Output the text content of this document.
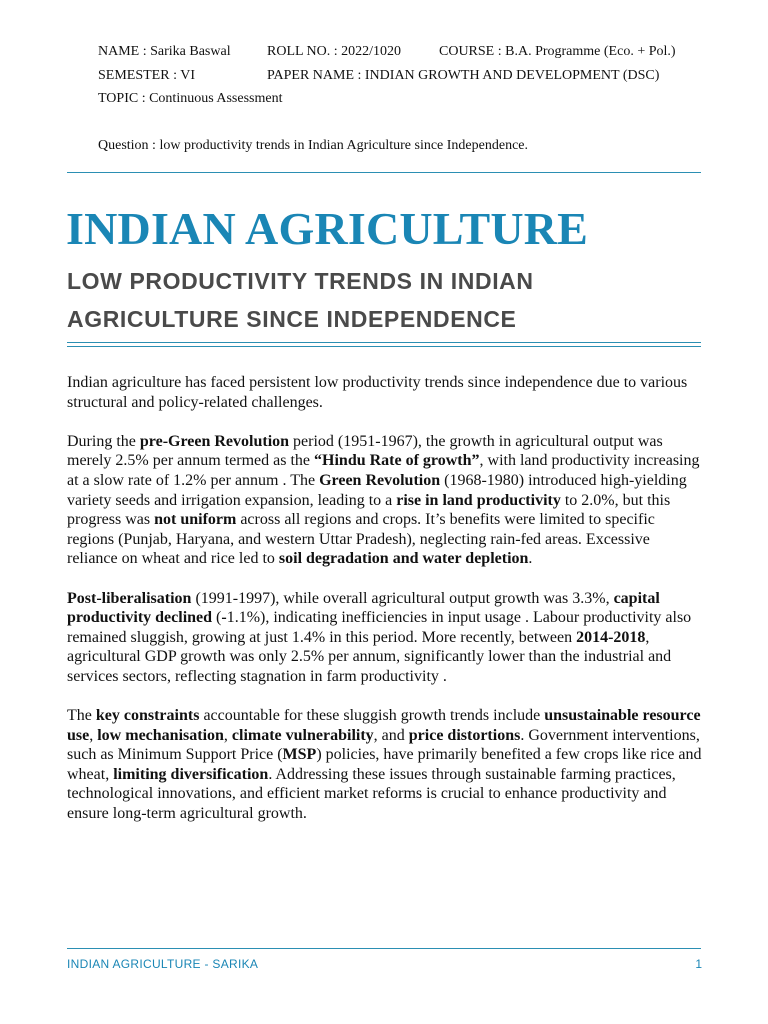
NAME : Sarika Baswal	ROLL NO. : 2022/1020	COURSE : B.A. Programme (Eco. + Pol.)
SEMESTER : VI	PAPER NAME : INDIAN GROWTH AND DEVELOPMENT (DSC)
TOPIC : Continuous Assessment
Question : low productivity trends in Indian Agriculture since Independence.
INDIAN AGRICULTURE
LOW PRODUCTIVITY TRENDS IN INDIAN AGRICULTURE SINCE INDEPENDENCE

Indian agriculture has faced persistent low productivity trends since independence due to various structural and policy-related challenges.

During the pre-Green Revolution period (1951-1967), the growth in agricultural output was merely 2.5% per annum termed as the “Hindu Rate of growth”, with land productivity increasing at a slow rate of 1.2% per annum . The Green Revolution (1968-1980) introduced high-yielding variety seeds and irrigation expansion, leading to a rise in land productivity to 2.0%, but this progress was not uniform across all regions and crops. It’s benefits were limited to specific regions (Punjab, Haryana, and western Uttar Pradesh), neglecting rain-fed areas. Excessive reliance on wheat and rice led to soil degradation and water depletion.

Post-liberalisation (1991-1997), while overall agricultural output growth was 3.3%, capital productivity declined (-1.1%), indicating inefficiencies in input usage . Labour productivity also remained sluggish, growing at just 1.4% in this period. More recently, between 2014-2018, agricultural GDP growth was only 2.5% per annum, significantly lower than the industrial and services sectors, reflecting stagnation in farm productivity .

The key constraints accountable for these sluggish growth trends include unsustainable resource use, low mechanisation, climate vulnerability, and price distortions. Government interventions, such as Minimum Support Price (MSP) policies, have primarily benefited a few crops like rice and wheat, limiting diversification. Addressing these issues through sustainable farming practices, technological innovations, and efficient market reforms is crucial to enhance productivity and ensure long-term agricultural growth.

INDIAN AGRICULTURE - SARIKA	1
